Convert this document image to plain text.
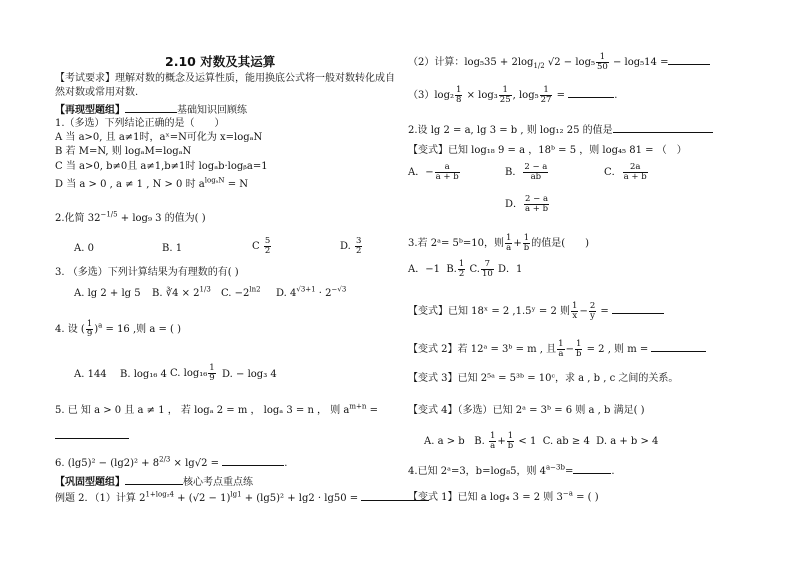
2.10 对数及其运算
【考试要求】理解对数的概念及运算性质，能用换底公式将一般对数转化成自
然对数或常用对数.
【再现型题组】	基础知识回顾练
1.（多选）下列结论正确的是（　　）
A 当 a>0, 且 a≠1时，aˣ=N可化为 x=logₐN
B 若 M=N, 则 logₐM=logₐN
C 当 a>0, b≠0且 a≠1,b≠1时 logₐb·logᵦa=1
D 当 a > 0 , a ≠ 1 , N > 0 时 $a^{log_aN} = N$
2.化简 $32^{-1/5} + \log_9$ 3 的值为( )
A. 0	B. 1	C $\frac{5}{2}$	D. $\frac{3}{2}$
3. （多选）下列计算结果为有理数的有( )
A. lg 2 + lg 5 B. ∛4 × $2^{1/3}$ C. $-2^{ln2}$ D. $4^{√3+1} \cdot 2^{-√3}$
4. 设 ( $\frac{1}{9} )^a = 16$ ,则 a = ( )
A. 144 B. log₁₆ 4 C. $\log_{16} \frac{1}{9} D$. − log₃ 4
5. 已 知 a > 0 且 a ≠ 1 ， 若 logₐ 2 = m ， logₐ 3 = n ， 则 $a^{m+n}$ =
6. $(\lg 5)^2 - (\lg 2)^2 + 8^{2/3} \times \lg√2$ =	.
【巩固型题组】	核心考点重点练
例题 2．（1）计算 $2^{1+log_24} + (√2 - 1)^{lg1} + (\lg 5)^2 + \lg 2 \cdot \lg 50$ =
（2）计算：$\log_535 + 2\log_{1/2}$ $√2 - \log_5 \frac{1}{50} - \log_514$ =
$(3)\log_2 \frac{1}{8} \times \log_3 \frac{1}{25}$ , $\log_5 \frac{1}{27}$ =	.
2.设 lg 2 = a, lg 3 = b , 则 log₁₂ 25 的值是
【变式】已知 log₁₈ 9 = a ，18ᵇ = 5 ，则 log₄₅ 81 = （　）
A．− $\frac{a}{a + b}$	B． $\frac{2 - a}{ab}$	C． $\frac{2a}{a + b}$
D． $\frac{2 - a}{a + b}$
3.若 2ᵃ= 5ᵇ=10，则 $\frac{1}{a} + \frac{1}{b}$ 的值是(　　)
A．−1 B. $\frac{1}{2} C$. $\frac{7}{10}$ D．1
【变式】已知 18ˣ = 2 ,1.5ʸ = 2 则 $\frac{1}{x} - \frac{2}{y}$ =
【变式 2】若 12ᵃ = 3ᵇ = m , 且 $\frac{1}{a} - \frac{1}{b} = 2$ , 则 m =
【变式 3】已知 2⁵ᵃ = 5³ᵇ = 10ᶜ，求 a , b , c 之间的关系。
【变式 4】（多选）已知 2ᵃ = 3ᵇ = 6 则 a , b 满足( )
A. a > b B. $\frac{1}{a} + \frac{1}{b} < 1$ C. ab ≥ 4 D. a + b > 4
4.已知 2ᵃ=3，b=log₈5，则 $4^{a-3b}=$	.
【变式 1】已知 a log₄ 3 = 2 则 $3^{-a}$ = ( )
